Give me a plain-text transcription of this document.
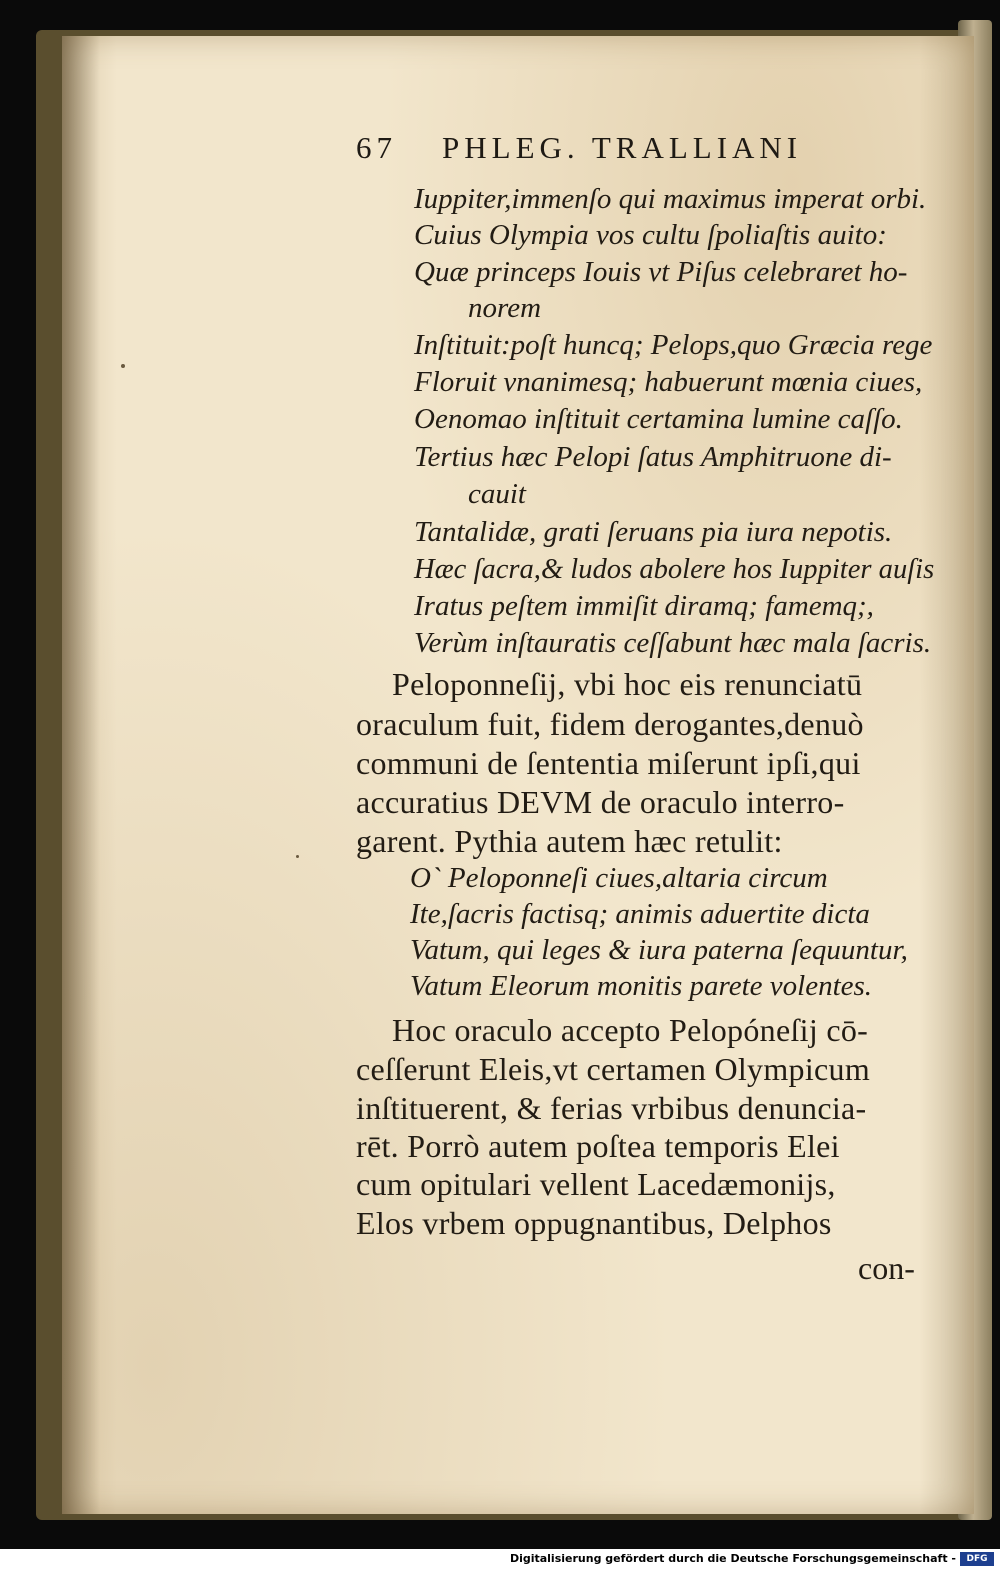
67 PHLEG. TRALLIANI
Iuppiter,immenſo qui maximus imperat orbi.
Cuius Olympia vos cultu ſpoliaſtis auito:
Quæ princeps Iouis vt Piſus celebraret ho-
norem
Inſtituit:poſt huncq; Pelops,quo Græcia rege
Floruit vnanimesq; habuerunt mœnia ciues,
Oenomao inſtituit certamina lumine caſſo.
Tertius hæc Pelopi ſatus Amphitruone di-
cauit
Tantalidæ, grati ſeruans pia iura nepotis.
Hæc ſacra,& ludos abolere hos Iuppiter auſis
Iratus peſtem immiſit diramq; famemq;,
Verùm inſtauratis ceſſabunt hæc mala ſacris.
Peloponneſij, vbi hoc eis renunciatū
oraculum fuit, fidem derogantes,denuò
communi de ſententia miſerunt ipſi,qui
accuratius DEVM de oraculo interro-
garent. Pythia autem hæc retulit:
O` Peloponneſi ciues,altaria circum
Ite,ſacris factisq; animis aduertite dicta
Vatum, qui leges & iura paterna ſequuntur,
Vatum Eleorum monitis parete volentes.
Hoc oraculo accepto Pelopóneſij cō-
ceſſerunt Eleis,vt certamen Olympicum
inſtituerent, & ferias vrbibus denuncia-
rēt. Porrò autem poſtea temporis Elei
cum opitulari vellent Lacedæmonijs,
Elos vrbem oppugnantibus, Delphos
con-
Digitalisierung gefördert durch die Deutsche Forschungsgemeinschaft -	DFG
